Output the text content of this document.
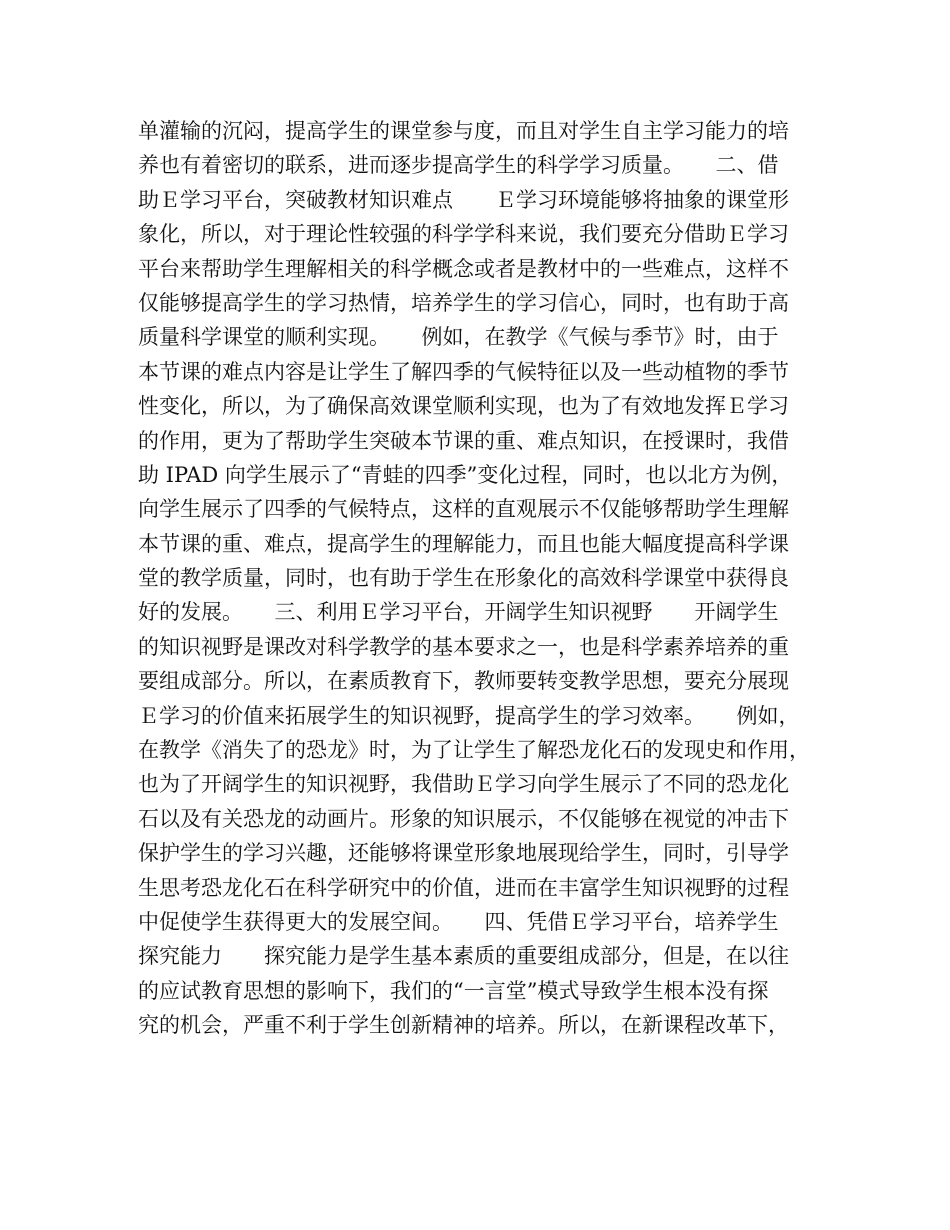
单灌输的沉闷，提高学生的课堂参与度，而且对学生自主学习能力的培
养也有着密切的联系，进而逐步提高学生的科学学习质量。　　二、借
助Ｅ学习平台，突破教材知识难点　　Ｅ学习环境能够将抽象的课堂形
象化，所以，对于理论性较强的科学学科来说，我们要充分借助Ｅ学习
平台来帮助学生理解相关的科学概念或者是教材中的一些难点，这样不
仅能够提高学生的学习热情，培养学生的学习信心，同时，也有助于高
质量科学课堂的顺利实现。　　例如，在教学《气候与季节》时，由于
本节课的难点内容是让学生了解四季的气候特征以及一些动植物的季节
性变化，所以，为了确保高效课堂顺利实现，也为了有效地发挥Ｅ学习
的作用，更为了帮助学生突破本节课的重、难点知识，在授课时，我借
助 IPAD 向学生展示了“青蛙的四季”变化过程，同时，也以北方为例，
向学生展示了四季的气候特点，这样的直观展示不仅能够帮助学生理解
本节课的重、难点，提高学生的理解能力，而且也能大幅度提高科学课
堂的教学质量，同时，也有助于学生在形象化的高效科学课堂中获得良
好的发展。　　三、利用Ｅ学习平台，开阔学生知识视野　　开阔学生
的知识视野是课改对科学教学的基本要求之一，也是科学素养培养的重
要组成部分。所以，在素质教育下，教师要转变教学思想，要充分展现
Ｅ学习的价值来拓展学生的知识视野，提高学生的学习效率。　　例如，
在教学《消失了的恐龙》时，为了让学生了解恐龙化石的发现史和作用，
也为了开阔学生的知识视野，我借助Ｅ学习向学生展示了不同的恐龙化
石以及有关恐龙的动画片。形象的知识展示，不仅能够在视觉的冲击下
保护学生的学习兴趣，还能够将课堂形象地展现给学生，同时，引导学
生思考恐龙化石在科学研究中的价值，进而在丰富学生知识视野的过程
中促使学生获得更大的发展空间。　　四、凭借Ｅ学习平台，培养学生
探究能力　　探究能力是学生基本素质的重要组成部分，但是，在以往
的应试教育思想的影响下，我们的“一言堂”模式导致学生根本没有探
究的机会，严重不利于学生创新精神的培养。所以，在新课程改革下，
